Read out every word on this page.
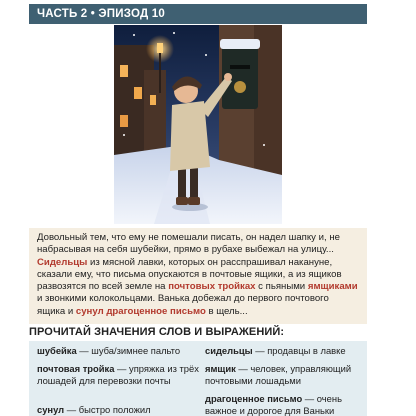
ЧАСТЬ 2 • ЭПИЗОД 10
Довольный тем, что ему не помешали писать, он надел шапку и, не набрасывая на себя шубейки, прямо в рубахе выбежал на улицу... Сидельцы из мясной лавки, которых он расспрашивал накануне, сказали ему, что письма опускаются в почтовые ящики, а из ящиков развозятся по всей земле на почтовых тройках с пьяными ямщиками и звонкими колокольцами. Ванька добежал до первого почтового ящика и сунул драгоценное письмо в щель...
ПРОЧИТАЙ ЗНАЧЕНИЯ СЛОВ И ВЫРАЖЕНИЙ:
шубейка — шуба/зимнее пальто	сидельцы — продавцы в лавке
почтовая тройка — упряжка из трёх лошадей для перевозки почты
ямщик — человек, управляющий почтовыми лошадьми
сунул — быстро положил
драгоценное письмо — очень важное и дорогое для Ваньки
